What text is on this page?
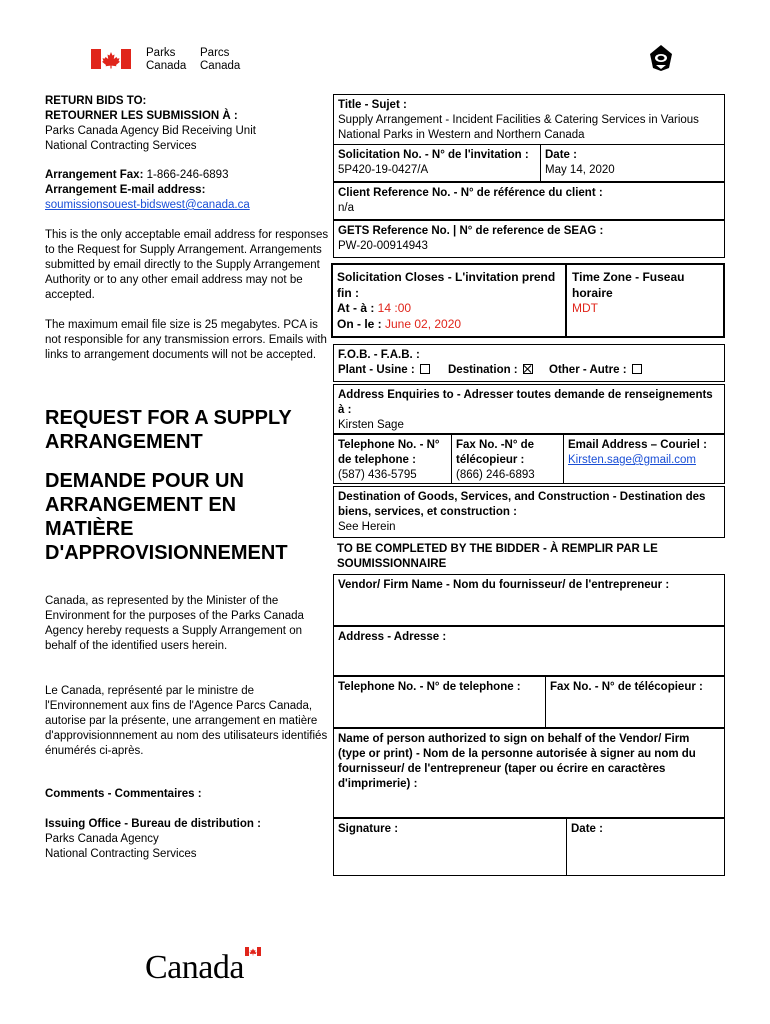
Parks
Canada
Parcs
Canada

RETURN BIDS TO:

RETOURNER LES SUBMISSION À :

Parks Canada Agency Bid Receiving Unit

National Contracting Services

Arrangement Fax: 1-866-246-6893

Arrangement E-mail address:

soumissionsouest-bidswest@canada.ca

This is the only acceptable email address for responses to the Request for Supply Arrangement. Arrangements submitted by email directly to the Supply Arrangement Authority or to any other email address may not be accepted.

The maximum email file size is 25 megabytes. PCA is not responsible for any transmission errors. Emails with links to arrangement documents will not be accepted.

REQUEST FOR A SUPPLY ARRANGEMENT

DEMANDE POUR UN ARRANGEMENT EN MATIÈRE D'APPROVISIONNEMENT

Canada, as represented by the Minister of the Environment for the purposes of the Parks Canada Agency hereby requests a Supply Arrangement on behalf of the identified users herein.

Le Canada, représenté par le ministre de l'Environnement aux fins de l'Agence Parcs Canada, autorise par la présente, une arrangement en matière d'approvisionnnement au nom des utilisateurs identifiés énumérés ci-après.

Comments - Commentaires :

Issuing Office - Bureau de distribution :

Parks Canada Agency

National Contracting Services

Title - Sujet :
Supply Arrangement - Incident Facilities & Catering Services in Various National Parks in Western and Northern Canada
Solicitation No. - N° de l'invitation :
5P420-19-0427/A
Date :
May 14, 2020
Client Reference No. - N° de référence du client :
n/a
GETS Reference No. | N° de reference de SEAG :
PW-20-00914943
Solicitation Closes - L'invitation prend fin :
At - à : 14 :00
On - le : June 02, 2020
Time Zone - Fuseau horaire
MDT
F.O.B. - F.A.B. :
Plant - Usine :	Destination :	Other - Autre :
Address Enquiries to - Adresser toutes demande de renseignements à :
Kirsten Sage
Telephone No. - N° de telephone :
(587) 436-5795
Fax No. -N° de télécopieur :
(866) 246-6893
Email Address – Couriel :
Kirsten.sage@gmail.com
Destination of Goods, Services, and Construction - Destination des biens, services, et construction :
See Herein
TO BE COMPLETED BY THE BIDDER - À REMPLIR PAR LE SOUMISSIONNAIRE
Vendor/ Firm Name - Nom du fournisseur/ de l'entrepreneur :
Address - Adresse :
Telephone No. - N° de telephone :	Fax No. - N° de télécopieur :
Name of person authorized to sign on behalf of the Vendor/ Firm (type or print) - Nom de la personne autorisée à signer au nom du fournisseur/ de l'entrepreneur (taper ou écrire en caractères d'imprimerie) :
Signature :	Date :
Canada
